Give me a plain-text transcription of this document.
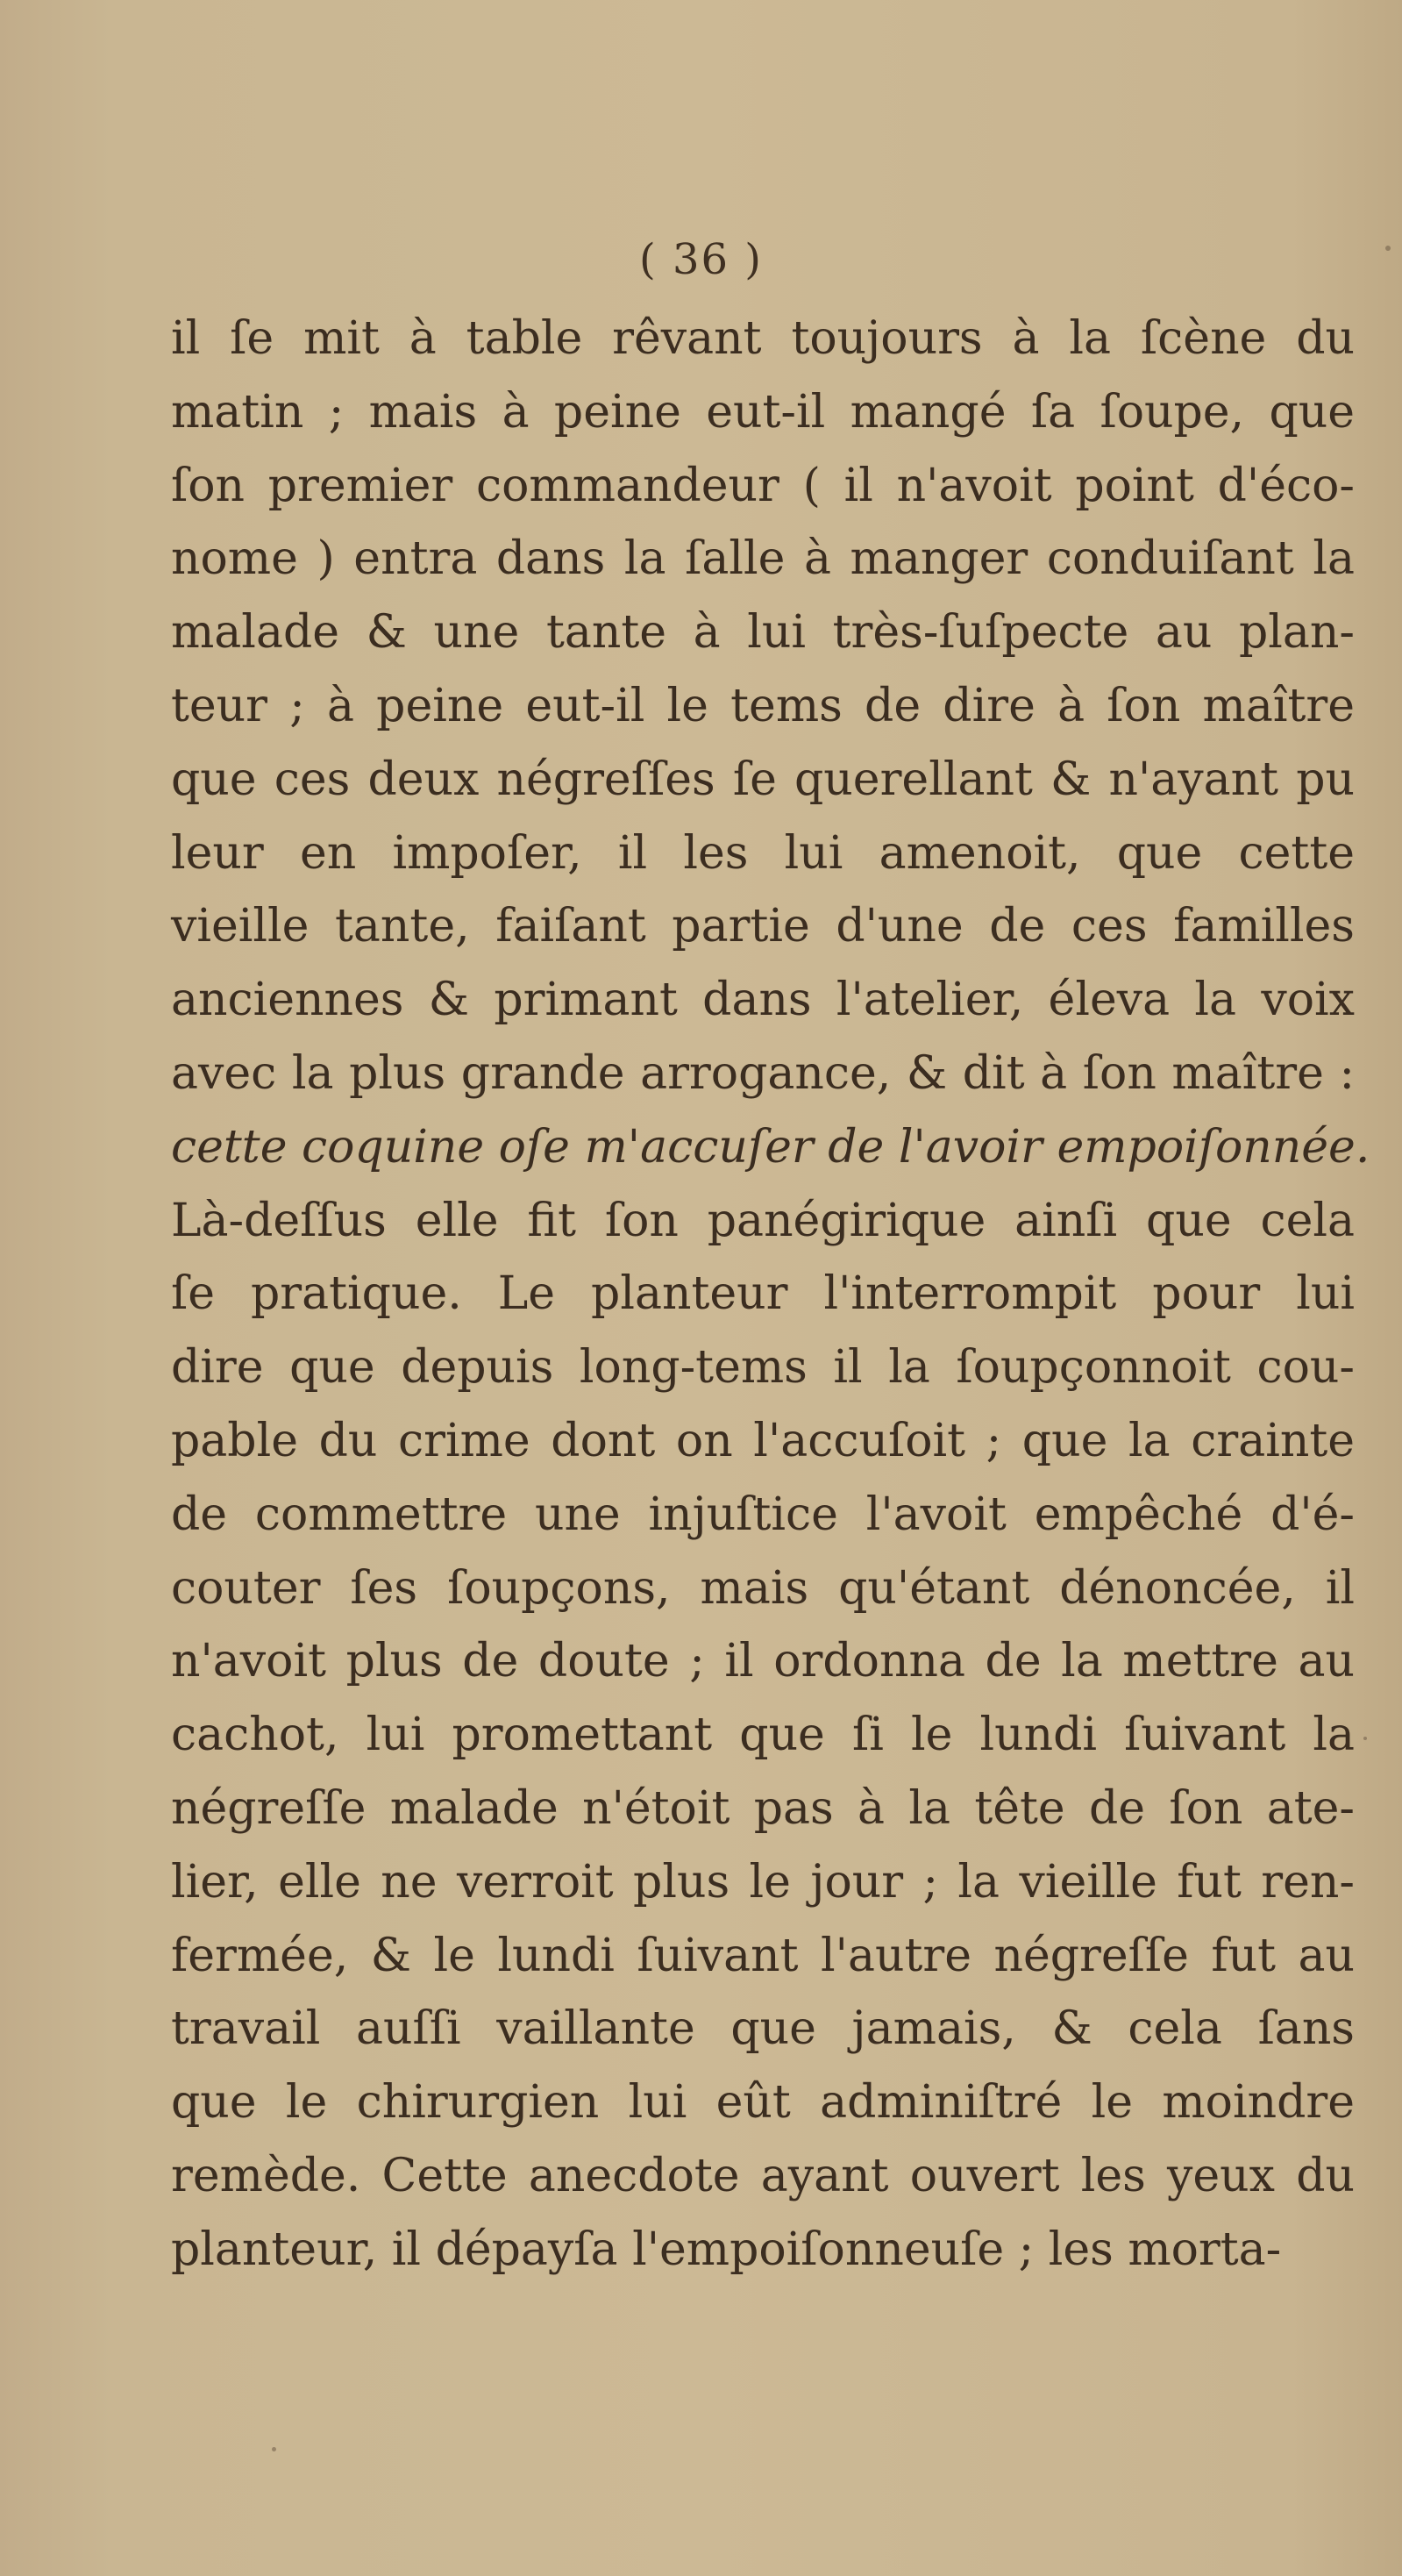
( 36 )
il ſe mit à table rêvant toujours à la ſcène du
matin ; mais à peine eut-il mangé ſa ſoupe, que
ſon premier commandeur ( il n'avoit point d'éco-
nome ) entra dans la ſalle à manger conduiſant la
malade & une tante à lui très-ſuſpecte au plan-
teur ; à peine eut-il le tems de dire à ſon maître
que ces deux négreſſes ſe querellant & n'ayant pu
leur en impoſer, il les lui amenoit, que cette
vieille tante, faiſant partie d'une de ces familles
anciennes & primant dans l'atelier, éleva la voix
avec la plus grande arrogance, & dit à ſon maître :
cette coquine oſe m'accuſer de l'avoir empoiſonnée.
Là-deſſus elle fit ſon panégirique ainſi que cela
ſe pratique. Le planteur l'interrompit pour lui
dire que depuis long-tems il la ſoupçonnoit cou-
pable du crime dont on l'accuſoit ; que la crainte
de commettre une injuſtice l'avoit empêché d'é-
couter ſes ſoupçons, mais qu'étant dénoncée, il
n'avoit plus de doute ; il ordonna de la mettre au
cachot, lui promettant que ſi le lundi ſuivant la
négreſſe malade n'étoit pas à la tête de ſon ate-
lier, elle ne verroit plus le jour ; la vieille fut ren-
fermée, & le lundi ſuivant l'autre négreſſe fut au
travail auſſi vaillante que jamais, & cela ſans
que le chirurgien lui eût adminiſtré le moindre
remède. Cette anecdote ayant ouvert les yeux du
planteur, il dépayſa l'empoiſonneuſe ; les morta-
